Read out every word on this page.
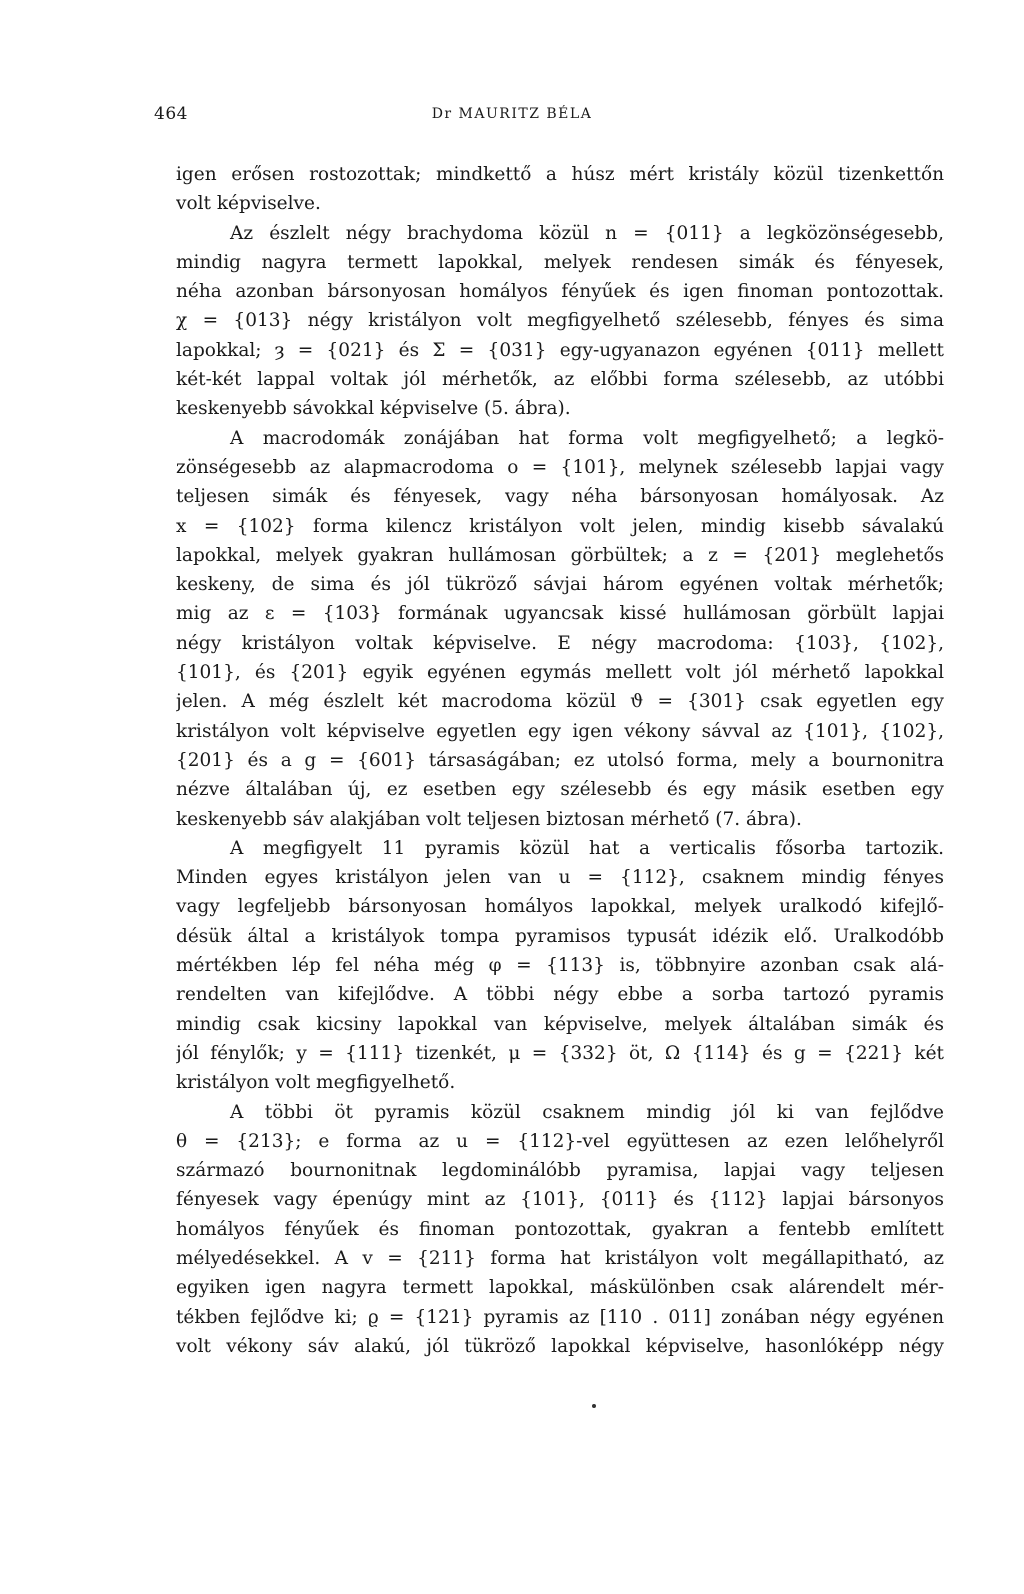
464	Dr MAURITZ BÉLA
igen erősen rostozottak; mindkettő a húsz mért kristály közül tizenkettőn
volt képviselve.
Az észlelt négy brachydoma közül n = {011} a legközönségesebb,
mindig nagyra termett lapokkal, melyek rendesen simák és fényesek,
néha azonban bársonyosan homályos fényűek és igen finoman pontozottak.
χ = {013} négy kristályon volt megfigyelhető szélesebb, fényes és sima
lapokkal; ȝ = {021} és Σ = {031} egy-ugyanazon egyénen {011} mellett
két-két lappal voltak jól mérhetők, az előbbi forma szélesebb, az utóbbi
keskenyebb sávokkal képviselve (5. ábra).
A macrodomák zonájában hat forma volt megfigyelhető; a legkö-
zönségesebb az alapmacrodoma o = {101}, melynek szélesebb lapjai vagy
teljesen simák és fényesek, vagy néha bársonyosan homályosak. Az
x = {102} forma kilencz kristályon volt jelen, mindig kisebb sávalakú
lapokkal, melyek gyakran hullámosan görbültek; a z = {201} meglehetős
keskeny, de sima és jól tükröző sávjai három egyénen voltak mérhetők;
mig az ε = {103} formának ugyancsak kissé hullámosan görbült lapjai
négy kristályon voltak képviselve. E négy macrodoma: {103}, {102},
{101}, és {201} egyik egyénen egymás mellett volt jól mérhető lapokkal
jelen. A még észlelt két macrodoma közül ϑ = {301} csak egyetlen egy
kristályon volt képviselve egyetlen egy igen vékony sávval az {101}, {102},
{201} és a g = {601} társaságában; ez utolsó forma, mely a bournonitra
nézve általában új, ez esetben egy szélesebb és egy másik esetben egy
keskenyebb sáv alakjában volt teljesen biztosan mérhető (7. ábra).
A megfigyelt 11 pyramis közül hat a verticalis fősorba tartozik.
Minden egyes kristályon jelen van u = {112}, csaknem mindig fényes
vagy legfeljebb bársonyosan homályos lapokkal, melyek uralkodó kifejlő-
désük által a kristályok tompa pyramisos typusát idézik elő. Uralkodóbb
mértékben lép fel néha még φ = {113} is, többnyire azonban csak alá-
rendelten van kifejlődve. A többi négy ebbe a sorba tartozó pyramis
mindig csak kicsiny lapokkal van képviselve, melyek általában simák és
jól fénylők; y = {111} tizenkét, μ = {332} öt, Ω {114} és g = {221} két
kristályon volt megfigyelhető.
A többi öt pyramis közül csaknem mindig jól ki van fejlődve
θ = {213}; e forma az u = {112}-vel együttesen az ezen lelőhelyről
származó bournonitnak legdominálóbb pyramisa, lapjai vagy teljesen
fényesek vagy épenúgy mint az {101}, {011} és {112} lapjai bársonyos
homályos fényűek és finoman pontozottak, gyakran a fentebb említett
mélyedésekkel. A v = {211} forma hat kristályon volt megállapitható, az
egyiken igen nagyra termett lapokkal, máskülönben csak alárendelt mér-
tékben fejlődve ki; ϱ = {121} pyramis az [110 . 011] zonában négy egyénen
volt vékony sáv alakú, jól tükröző lapokkal képviselve, hasonlóképp négy
